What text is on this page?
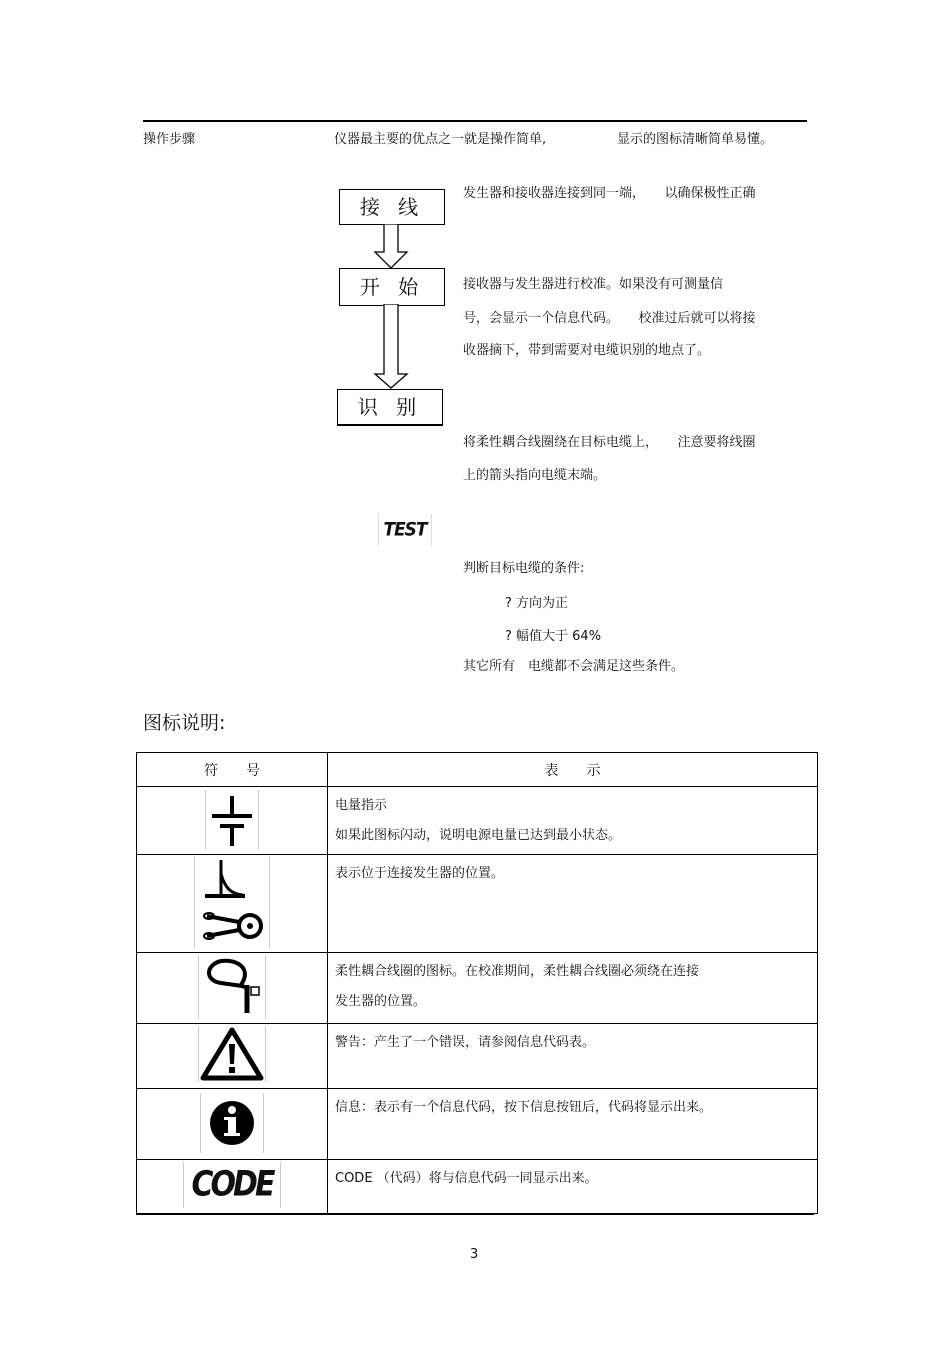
操作步骤	仪器最主要的优点之一就是操作简单,	显示的图标清晰简单易懂。
接 线
开 始
识 别
发生器和接收器连接到同一端，　　以确保极性正确
接收器与发生器进行校准。如果没有可测量信
号，会显示一个信息代码。　　校准过后就可以将接
收器摘下，带到需要对电缆识别的地点了。
将柔性耦合线圈绕在目标电缆上，　　注意要将线圈
上的箭头指向电缆末端。
TEST
判断目标电缆的条件:
? 方向为正
? 幅值大于 64%
其它所有　电缆都不会满足这些条件。
图标说明:
符　　号	表　　示

电量指示
如果此图标闪动，说明电源电量已达到最小状态。

表示位于连接发生器的位置。

柔性耦合线圈的图标。在校准期间，柔性耦合线圈必须绕在连接
发生器的位置。

警告：产生了一个错误，请参阅信息代码表。

信息：表示有一个信息代码，按下信息按钮后，代码将显示出来。

CODE	CODE （代码）将与信息代码一同显示出来。
3
